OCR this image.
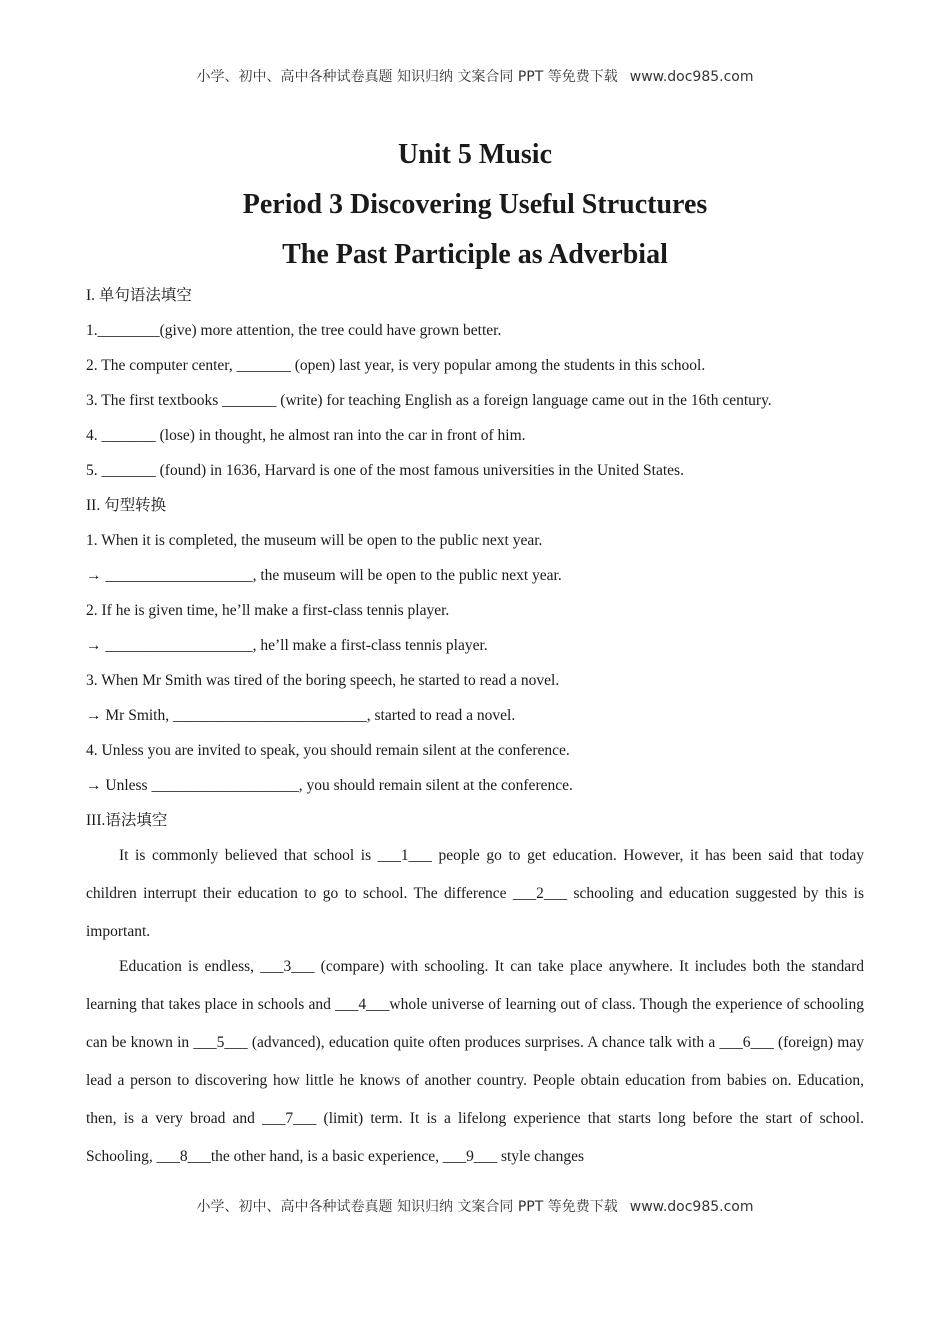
小学、初中、高中各种试卷真题 知识归纳 文案合同 PPT 等免费下载 www.doc985.com
Unit 5 Music
Period 3 Discovering Useful Structures
The Past Participle as Adverbial
I. 单句语法填空
1.________(give) more attention, the tree could have grown better.
2. The computer center, _______ (open) last year, is very popular among the students in this school.
3. The first textbooks _______ (write) for teaching English as a foreign language came out in the 16th century.
4. _______ (lose) in thought, he almost ran into the car in front of him.
5. _______ (found) in 1636, Harvard is one of the most famous universities in the United States.
II. 句型转换
1. When it is completed, the museum will be open to the public next year.
→ ___________________, the museum will be open to the public next year.
2. If he is given time, he’ll make a first-class tennis player.
→ ___________________, he’ll make a first-class tennis player.
3. When Mr Smith was tired of the boring speech, he started to read a novel.
→ Mr Smith, _________________________, started to read a novel.
4. Unless you are invited to speak, you should remain silent at the conference.
→ Unless ___________________, you should remain silent at the conference.
III.语法填空
It is commonly believed that school is ___1___ people go to get education. However, it has been said that today children interrupt their education to go to school. The difference ___2___ schooling and education suggested by this is important.
Education is endless, ___3___ (compare) with schooling. It can take place anywhere. It includes both the standard learning that takes place in schools and ___4___whole universe of learning out of class. Though the experience of schooling can be known in ___5___ (advanced), education quite often produces surprises. A chance talk with a ___6___ (foreign) may lead a person to discovering how little he knows of another country. People obtain education from babies on. Education, then, is a very broad and ___7___ (limit) term. It is a lifelong experience that starts long before the start of school. Schooling, ___8___the other hand, is a basic experience, ___9___ style changes
小学、初中、高中各种试卷真题 知识归纳 文案合同 PPT 等免费下载 www.doc985.com
